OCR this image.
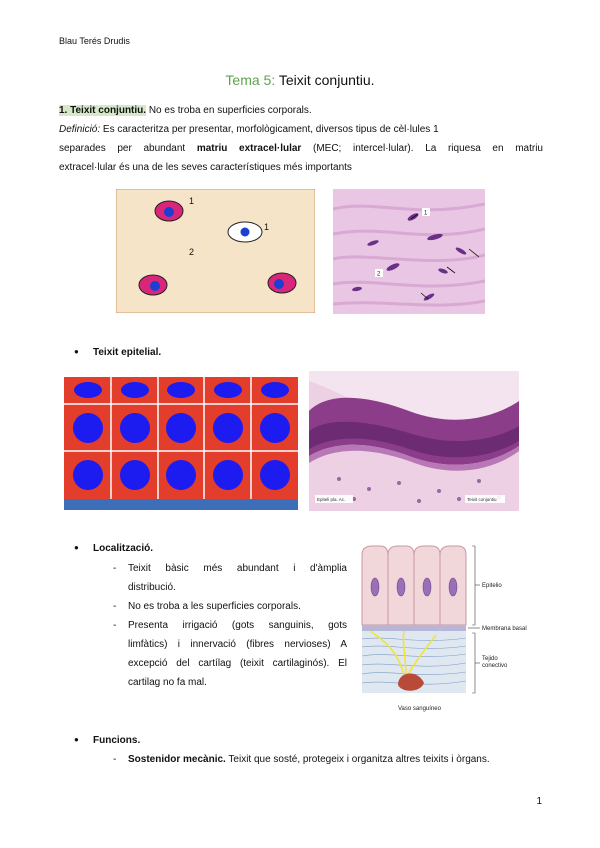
Blau Terés Drudis
Tema 5: Teixit conjuntiu.
1. Teixit conjuntiu. No es troba en superficies corporals.
Definició: Es caracteritza per presentar, morfològicament, diversos tipus de cèl·lules 1
separades per abundant matriu extracel·lular (MEC; intercel·lular). La riquesa en matriu
extracel·lular és una de les seves característiques més importants
1
1
2
1
2
● Teixit epitelial.
Epiteli pla. Ac.	Teixit conjuntiu
● Localització.
- Teixit bàsic més abundant i d'àmplia
distribució.
- No es troba a les superficies corporals.
- Presenta irrigació (gots sanguinis, gots
limfàtics) i innervació (fibres nervioses) A
excepció del cartílag (teixit cartilaginós). El
cartilag no fa mal.
Epitelio
Membrana basal
Tejido
conectivo
Vaso sanguíneo
● Funcions.
- Sostenidor mecànic. Teixit que sosté, protegeix i organitza altres teixits i òrgans.
1
